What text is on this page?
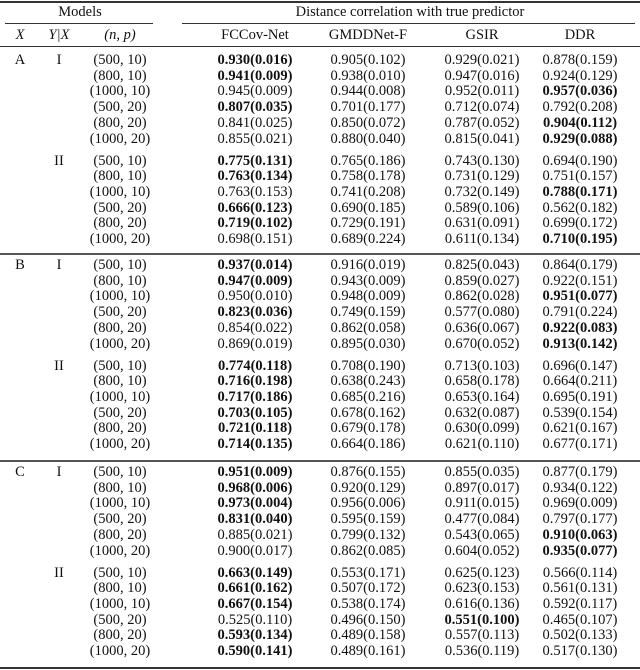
Models	Distance correlation with true predictor
X Y|X (n, p)	FCCov-Net	GMDDNet-F	GSIR	DDR
A I (500, 10)	0.930(0.016)	0.905(0.102)	0.929(0.021) 0.878(0.159)
(800, 10)	0.941(0.009)	0.938(0.010)	0.947(0.016) 0.924(0.129)
(1000, 10)	0.945(0.009)	0.944(0.008)	0.952(0.011) 0.957(0.036)
(500, 20)	0.807(0.035)	0.701(0.177)	0.712(0.074) 0.792(0.208)
(800, 20)	0.841(0.025)	0.850(0.072)	0.787(0.052) 0.904(0.112)
(1000, 20)	0.855(0.021)	0.880(0.040)	0.815(0.041) 0.929(0.088)
II (500, 10)	0.775(0.131)	0.765(0.186)	0.743(0.130) 0.694(0.190)
(800, 10)	0.763(0.134)	0.758(0.178)	0.731(0.129) 0.751(0.157)
(1000, 10)	0.763(0.153)	0.741(0.208)	0.732(0.149) 0.788(0.171)
(500, 20)	0.666(0.123)	0.690(0.185)	0.589(0.106) 0.562(0.182)
(800, 20)	0.719(0.102)	0.729(0.191)	0.631(0.091) 0.699(0.172)
(1000, 20)	0.698(0.151)	0.689(0.224)	0.611(0.134) 0.710(0.195)
B I (500, 10)	0.937(0.014)	0.916(0.019)	0.825(0.043) 0.864(0.179)
(800, 10)	0.947(0.009)	0.943(0.009)	0.859(0.027) 0.922(0.151)
(1000, 10)	0.950(0.010)	0.948(0.009)	0.862(0.028) 0.951(0.077)
(500, 20)	0.823(0.036)	0.749(0.159)	0.577(0.080) 0.791(0.224)
(800, 20)	0.854(0.022)	0.862(0.058)	0.636(0.067) 0.922(0.083)
(1000, 20)	0.869(0.019)	0.895(0.030)	0.670(0.052) 0.913(0.142)
II (500, 10)	0.774(0.118)	0.708(0.190)	0.713(0.103) 0.696(0.147)
(800, 10)	0.716(0.198)	0.638(0.243)	0.658(0.178) 0.664(0.211)
(1000, 10)	0.717(0.186)	0.685(0.216)	0.653(0.164) 0.695(0.191)
(500, 20)	0.703(0.105)	0.678(0.162)	0.632(0.087) 0.539(0.154)
(800, 20)	0.721(0.118)	0.679(0.178)	0.630(0.099) 0.621(0.167)
(1000, 20)	0.714(0.135)	0.664(0.186)	0.621(0.110) 0.677(0.171)
C I (500, 10)	0.951(0.009)	0.876(0.155)	0.855(0.035) 0.877(0.179)
(800, 10)	0.968(0.006)	0.920(0.129)	0.897(0.017) 0.934(0.122)
(1000, 10)	0.973(0.004)	0.956(0.006)	0.911(0.015) 0.969(0.009)
(500, 20)	0.831(0.040)	0.595(0.159)	0.477(0.084) 0.797(0.177)
(800, 20)	0.885(0.021)	0.799(0.132)	0.543(0.065) 0.910(0.063)
(1000, 20)	0.900(0.017)	0.862(0.085)	0.604(0.052) 0.935(0.077)
II (500, 10)	0.663(0.149)	0.553(0.171)	0.625(0.123) 0.566(0.114)
(800, 10)	0.661(0.162)	0.507(0.172)	0.623(0.153) 0.561(0.131)
(1000, 10)	0.667(0.154)	0.538(0.174)	0.616(0.136) 0.592(0.117)
(500, 20)	0.525(0.110)	0.496(0.150)	0.551(0.100) 0.465(0.107)
(800, 20)	0.593(0.134)	0.489(0.158)	0.557(0.113) 0.502(0.133)
(1000, 20)	0.590(0.141)	0.489(0.161)	0.536(0.119) 0.517(0.130)
